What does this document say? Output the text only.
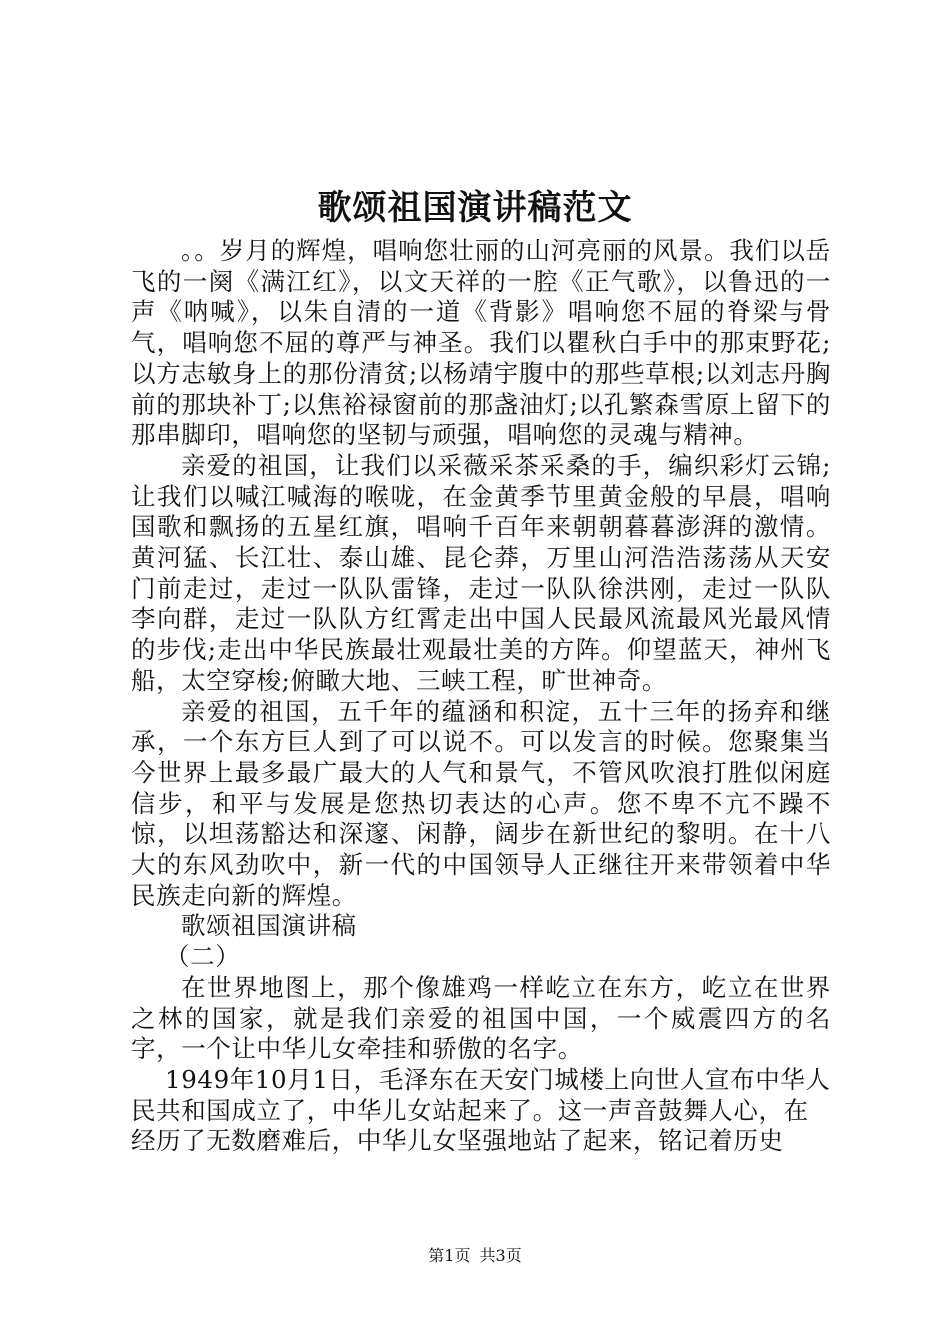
歌颂祖国演讲稿范文

。。岁月的辉煌，唱响您壮丽的山河亮丽的风景。我们以岳飞的一阕《满江红》，以文天祥的一腔《正气歌》，以鲁迅的一声《呐喊》，以朱自清的一道《背影》唱响您不屈的脊梁与骨气，唱响您不屈的尊严与神圣。我们以瞿秋白手中的那束野花;以方志敏身上的那份清贫;以杨靖宇腹中的那些草根;以刘志丹胸前的那块补丁;以焦裕禄窗前的那盏油灯;以孔繁森雪原上留下的那串脚印，唱响您的坚韧与顽强，唱响您的灵魂与精神。

亲爱的祖国，让我们以采薇采茶采桑的手，编织彩灯云锦;让我们以喊江喊海的喉咙，在金黄季节里黄金般的早晨，唱响国歌和飘扬的五星红旗，唱响千百年来朝朝暮暮澎湃的激情。黄河猛、长江壮、泰山雄、昆仑莽，万里山河浩浩荡荡从天安门前走过，走过一队队雷锋，走过一队队徐洪刚，走过一队队李向群，走过一队队方红霄走出中国人民最风流最风光最风情的步伐;走出中华民族最壮观最壮美的方阵。仰望蓝天，神州飞船，太空穿梭;俯瞰大地、三峡工程，旷世神奇。

亲爱的祖国，五千年的蕴涵和积淀，五十三年的扬弃和继承，一个东方巨人到了可以说不。可以发言的时候。您聚集当今世界上最多最广最大的人气和景气，不管风吹浪打胜似闲庭信步，和平与发展是您热切表达的心声。您不卑不亢不躁不惊，以坦荡豁达和深邃、闲静，阔步在新世纪的黎明。在十八大的东风劲吹中，新一代的中国领导人正继往开来带领着中华民族走向新的辉煌。

歌颂祖国演讲稿

（二）

在世界地图上，那个像雄鸡一样屹立在东方，屹立在世界之林的国家，就是我们亲爱的祖国中国，一个威震四方的名字，一个让中华儿女牵挂和骄傲的名字。

1949年10月1日，毛泽东在天安门城楼上向世人宣布中华人民共和国成立了，中华儿女站起来了。这一声音鼓舞人心，在经历了无数磨难后，中华儿女坚强地站了起来，铭记着历史

第1页 共3页
